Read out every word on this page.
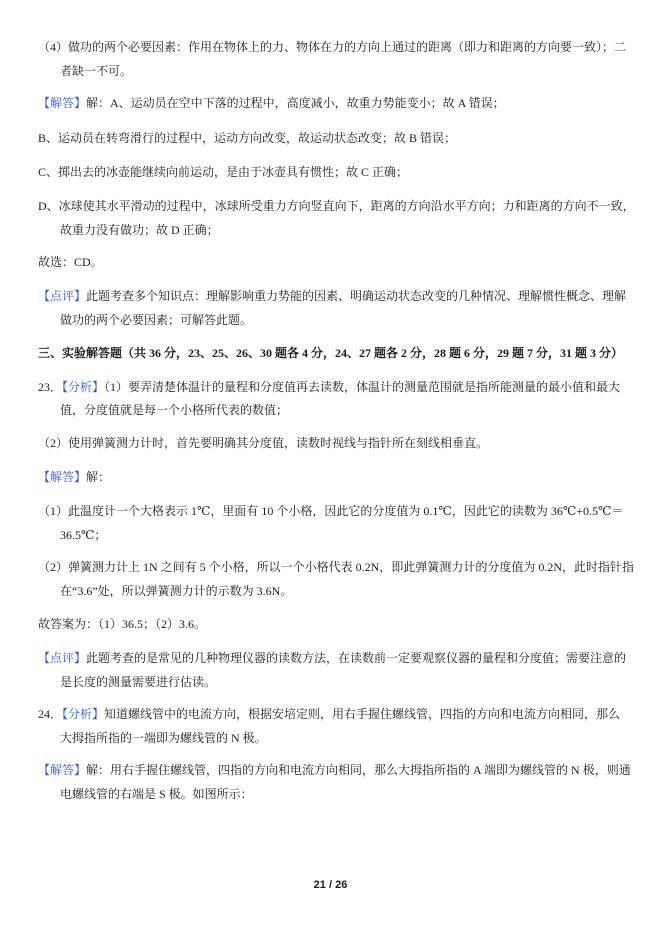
（4）做功的两个必要因素：作用在物体上的力、物体在力的方向上通过的距离（即力和距离的方向要一致）；二
者缺一不可。
【解答】解：A、运动员在空中下落的过程中，高度减小，故重力势能变小；故 A 错误；
B、运动员在转弯滑行的过程中，运动方向改变，故运动状态改变；故 B 错误；
C、掷出去的冰壶能继续向前运动，是由于冰壶具有惯性；故 C 正确；
D、冰球使其水平滑动的过程中，冰球所受重力方向竖直向下，距离的方向沿水平方向；力和距离的方向不一致，
故重力没有做功；故 D 正确；
故选：CD。
【点评】此题考查多个知识点：理解影响重力势能的因素、明确运动状态改变的几种情况、理解惯性概念、理解
做功的两个必要因素；可解答此题。
三、实验解答题（共 36 分，23、25、26、30 题各 4 分，24、27 题各 2 分，28 题 6 分，29 题 7 分，31 题 3 分）
23．【分析】（1）要弄清楚体温计的量程和分度值再去读数，体温计的测量范围就是指所能测量的最小值和最大
值，分度值就是每一个小格所代表的数值；
（2）使用弹簧测力计时，首先要明确其分度值，读数时视线与指针所在刻线相垂直。
【解答】解：
（1）此温度计一个大格表示 1℃，里面有 10 个小格，因此它的分度值为 0.1℃，因此它的读数为 36℃+0.5℃＝
36.5℃；
（2）弹簧测力计上 1N 之间有 5 个小格，所以一个小格代表 0.2N，即此弹簧测力计的分度值为 0.2N，此时指针指
在“3.6”处，所以弹簧测力计的示数为 3.6N。
故答案为：（1）36.5；（2）3.6。
【点评】此题考查的是常见的几种物理仪器的读数方法，在读数前一定要观察仪器的量程和分度值；需要注意的
是长度的测量需要进行估读。
24．【分析】知道螺线管中的电流方向，根据安培定则，用右手握住螺线管，四指的方向和电流方向相同，那么
大拇指所指的一端即为螺线管的 N 极。
【解答】解：用右手握住螺线管，四指的方向和电流方向相同，那么大拇指所指的 A 端即为螺线管的 N 极，则通
电螺线管的右端是 S 极。如图所示：
21 / 26
